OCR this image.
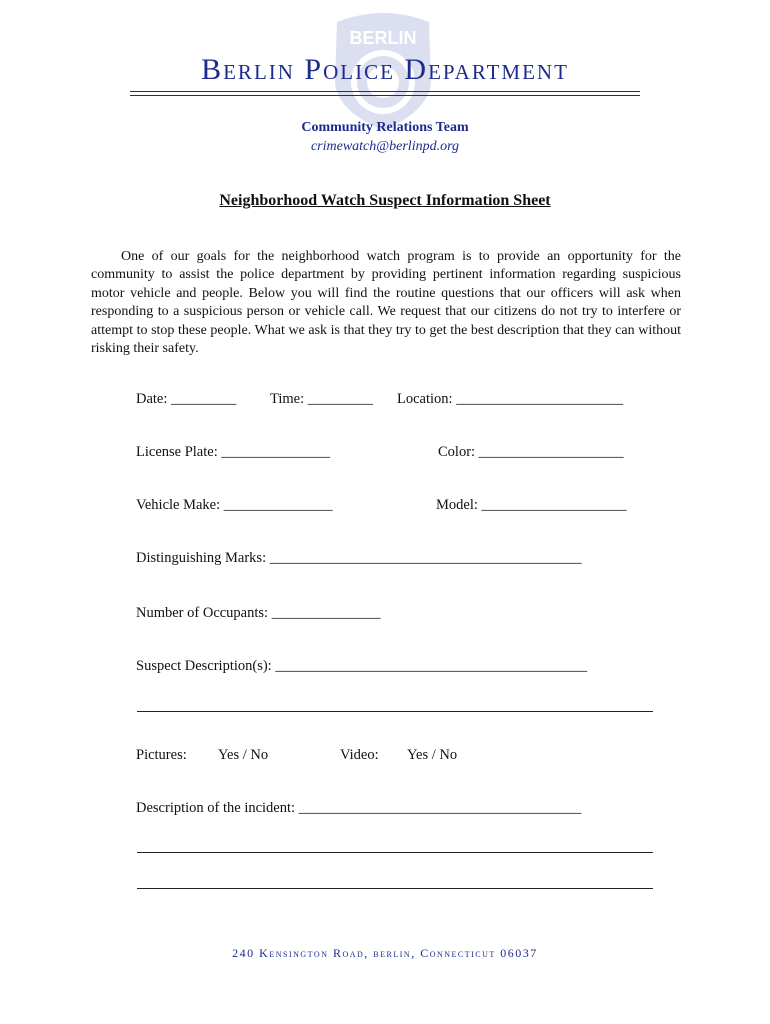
BERLIN
Berlin Police Department
Community Relations Team
crimewatch@berlinpd.org
Neighborhood Watch Suspect Information Sheet

One of our goals for the neighborhood watch program is to provide an opportunity for the community to assist the police department by providing pertinent information regarding suspicious motor vehicle and people. Below you will find the routine questions that our officers will ask when responding to a suspicious person or vehicle call. We request that our citizens do not try to interfere or attempt to stop these people. What we ask is that they try to get the best description that they can without risking their safety.

Date: _________ Time: _________ Location: _______________________
License Plate: _______________	Color: ____________________
Vehicle Make: _______________	Model: ____________________
Distinguishing Marks: ___________________________________________
Number of Occupants: _______________
Suspect Description(s): ___________________________________________
Pictures: Yes / No	Video: Yes / No
Description of the incident: _______________________________________
240 Kensington Road, berlin, Connecticut 06037
